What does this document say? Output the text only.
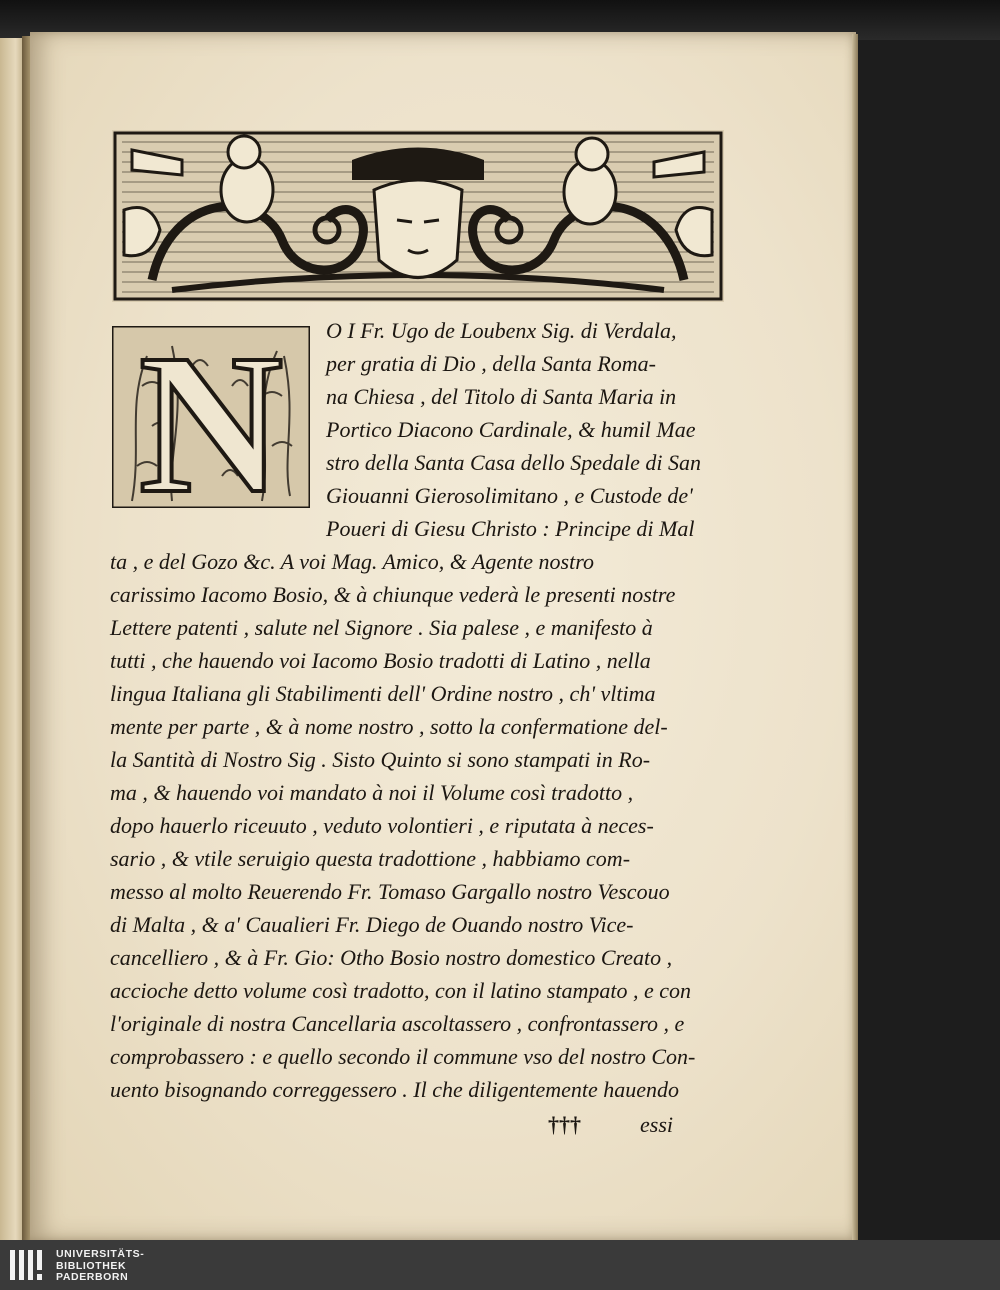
N O I Fr. Ugo de Loubenx Sig. di Verdala,
per gratia di Dio , della Santa Roma-
na Chiesa , del Titolo di Santa Maria in
Portico Diacono Cardinale, & humil Mae
stro della Santa Casa dello Spedale di San
Giouanni Gierosolimitano , e Custode de'
Poueri di Giesu Christo : Principe di Mal
ta , e del Gozo &c. A voi Mag. Amico, & Agente nostro
carissimo Iacomo Bosio, & à chiunque vederà le presenti nostre
Lettere patenti , salute nel Signore . Sia palese , e manifesto à
tutti , che hauendo voi Iacomo Bosio tradotti di Latino , nella
lingua Italiana gli Stabilimenti dell' Ordine nostro , ch' vltima
mente per parte , & à nome nostro , sotto la confermatione del-
la Santità di Nostro Sig . Sisto Quinto si sono stampati in Ro-
ma , & hauendo voi mandato à noi il Volume così tradotto ,
dopo hauerlo riceuuto , veduto volontieri , e riputata à neces-
sario , & vtile seruigio questa tradottione , habbiamo com-
messo al molto Reuerendo Fr. Tomaso Gargallo nostro Vescouo
di Malta , & a' Caualieri Fr. Diego de Ouando nostro Vice-
cancelliero , & à Fr. Gio: Otho Bosio nostro domestico Creato ,
accioche detto volume così tradotto, con il latino stampato , e con
l'originale di nostra Cancellaria ascoltassero , confrontassero , e
comprobassero : e quello secondo il commune vso del nostro Con-
uento bisognando correggessero . Il che diligentemente hauendo
†††	essi
UNIVERSITÄTS-
BIBLIOTHEK
PADERBORN
